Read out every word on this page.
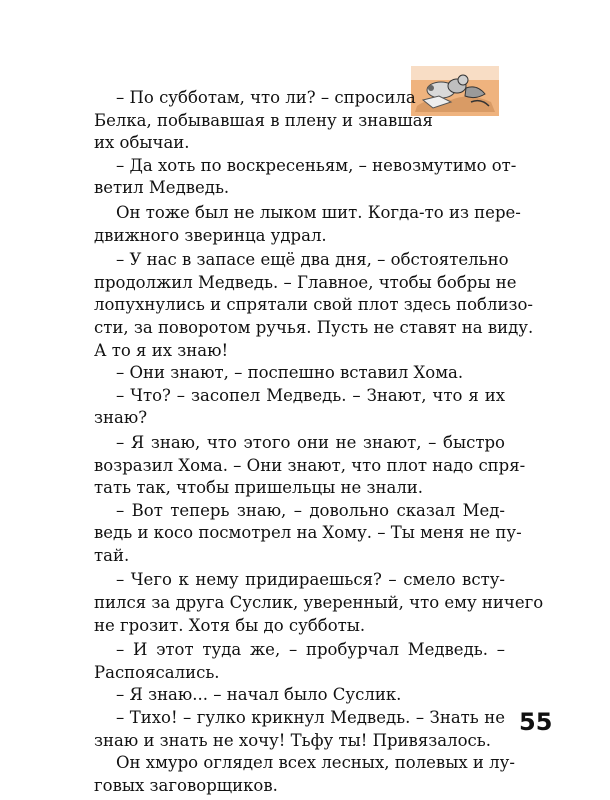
– По субботам, что ли? – спросила
Белка, побывавшая в плену и знавшая
их обычаи.
– Да хоть по воскресеньям, – невозмутимо от-
ветил Медведь.
Он тоже был не лыком шит. Когда-то из пере-
движного зверинца удрал.
– У нас в запасе ещё два дня, – обстоятельно
продолжил Медведь. – Главное, чтобы бобры не
лопухнулись и спрятали свой плот здесь поблизо-
сти, за поворотом ручья. Пусть не ставят на виду.
А то я их знаю!
– Они знают, – поспешно вставил Хома.
– Что? – засопел Медведь. – Знают, что я их
знаю?
– Я знаю, что этого они не знают, – быстро
возразил Хома. – Они знают, что плот надо спря-
тать так, чтобы пришельцы не знали.
– Вот теперь знаю, – довольно сказал Мед-
ведь и косо посмотрел на Хому. – Ты меня не пу-
тай.
– Чего к нему придираешься? – смело всту-
пился за друга Суслик, уверенный, что ему ничего
не грозит. Хотя бы до субботы.
– И этот туда же, – пробурчал Медведь. –
Распоясались.
– Я знаю... – начал было Суслик.
– Тихо! – гулко крикнул Медведь. – Знать не
знаю и знать не хочу! Тьфу ты! Привязалось.
Он хмуро оглядел всех лесных, полевых и лу-
говых заговорщиков.
55
